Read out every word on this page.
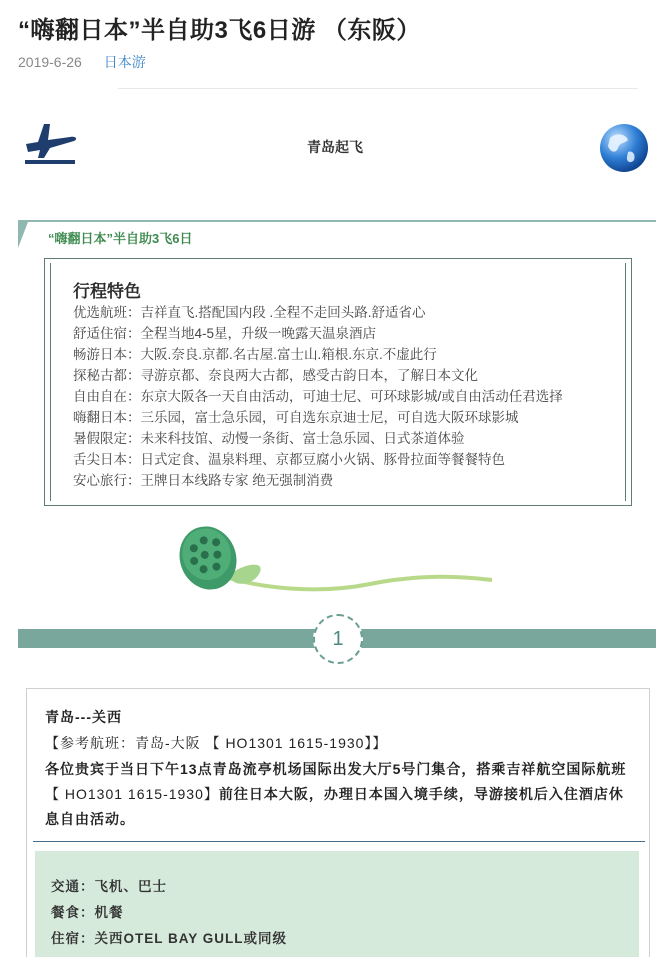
“嗨翻日本”半自助3飞6日游 （东阪）
2019-6-26 日本游
青岛起飞
“嗨翻日本”半自助3飞6日
行程特色
优选航班：吉祥直飞.搭配国内段 .全程不走回头路.舒适省心
舒适住宿：全程当地4-5星，升级一晚露天温泉酒店
畅游日本：大阪.奈良.京都.名古屋.富士山.箱根.东京.不虚此行
探秘古都：寻游京都、奈良两大古都，感受古韵日本，了解日本文化
自由自在：东京大阪各一天自由活动，可迪士尼、可环球影城/或自由活动任君选择
嗨翻日本：三乐园，富士急乐园，可自选东京迪士尼，可自选大阪环球影城
暑假限定：未来科技馆、动慢一条街、富士急乐园、日式茶道体验
舌尖日本：日式定食、温泉料理、京都豆腐小火锅、豚骨拉面等餐餐特色
安心旅行：王牌日本线路专家 绝无强制消费
1
青岛---关西
【参考航班：青岛-大阪 【 HO1301 1615-1930】】
各位贵宾于当日下午13点青岛流亭机场国际出发大厅5号门集合，搭乘吉祥航空国际航班【 HO1301 1615-1930】前往日本大阪，办理日本国入境手续，导游接机后入住酒店休息自由活动。

交通：飞机、巴士

餐食：机餐

住宿：关西OTEL BAY GULL或同级
